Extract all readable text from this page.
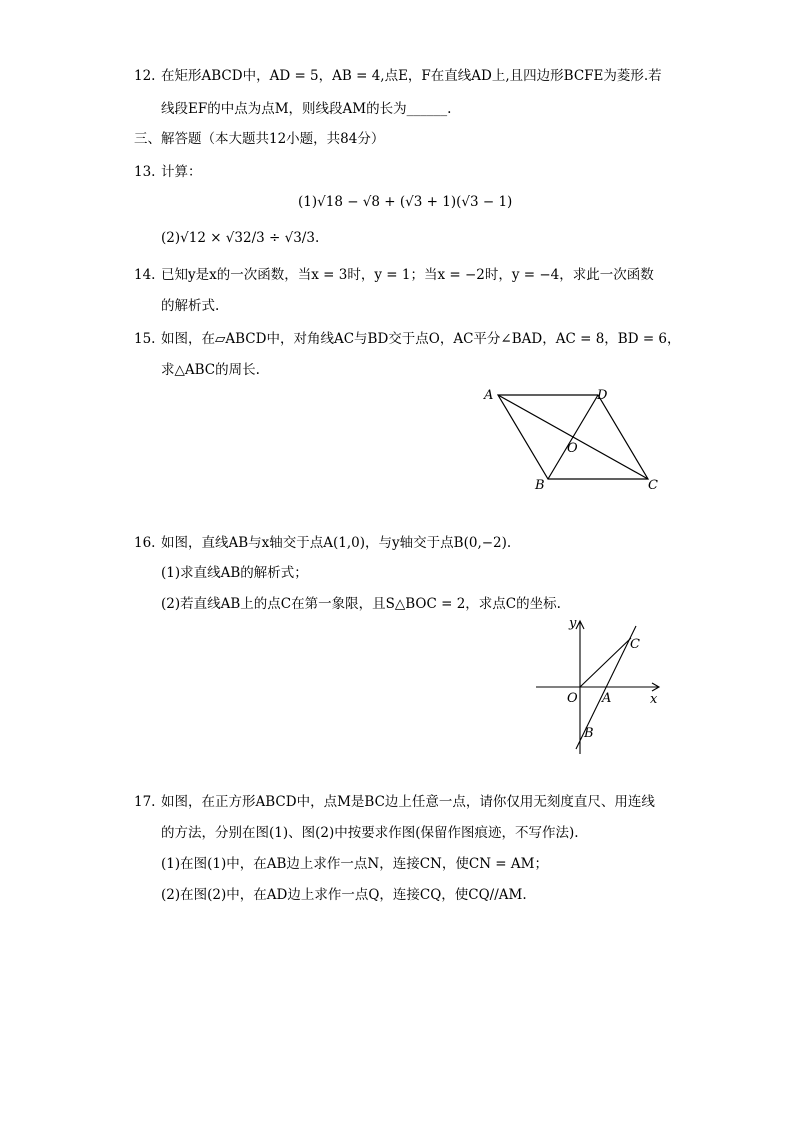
12. 在矩形ABCD中，AD = 5，AB = 4,点E，F在直线AD上,且四边形BCFE为菱形.若
线段EF的中点为点M，则线段AM的长为______.
三、解答题（本大题共12小题，共84分）
13. 计算：
(1)√18 − √8 + (√3 + 1)(√3 − 1)
(2)√12 × √32/3 ÷ √3/3.
14. 已知y是x的一次函数，当x = 3时，y = 1；当x = −2时，y = −4，求此一次函数
的解析式.
15. 如图，在▱ABCD中，对角线AC与BD交于点O，AC平分∠BAD，AC = 8，BD = 6，
求△ABC的周长.
A	D
O
B	C
16. 如图，直线AB与x轴交于点A(1,0)，与y轴交于点B(0,−2).
(1)求直线AB的解析式；
(2)若直线AB上的点C在第一象限，且S△BOC = 2，求点C的坐标.
y
C
O A	x
B
17. 如图，在正方形ABCD中，点M是BC边上任意一点，请你仅用无刻度直尺、用连线
的方法，分别在图(1)、图(2)中按要求作图(保留作图痕迹，不写作法).
(1)在图(1)中，在AB边上求作一点N，连接CN，使CN = AM；
(2)在图(2)中，在AD边上求作一点Q，连接CQ，使CQ//AM.
